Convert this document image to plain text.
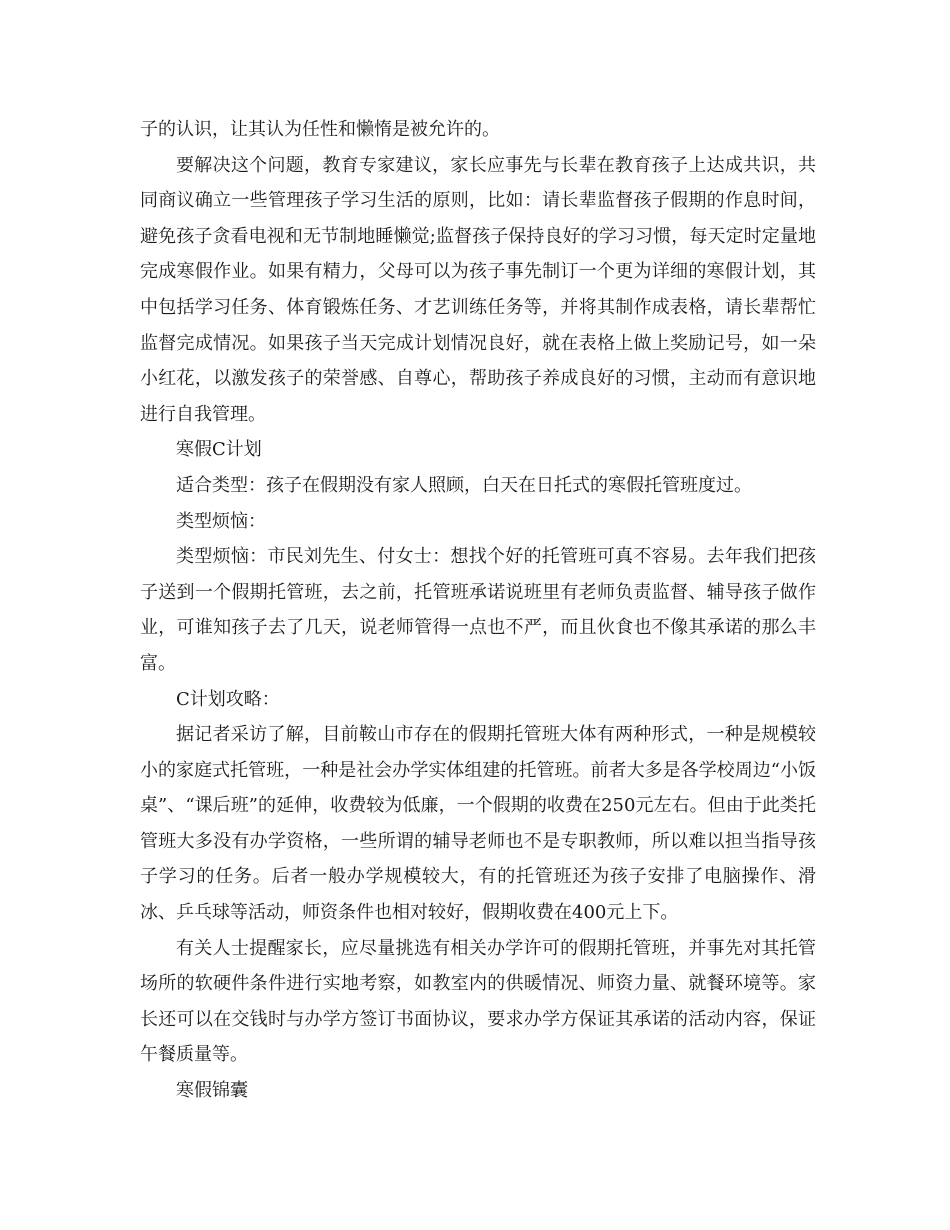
子的认识，让其认为任性和懒惰是被允许的。

要解决这个问题，教育专家建议，家长应事先与长辈在教育孩子上达成共识，共同商议确立一些管理孩子学习生活的原则，比如：请长辈监督孩子假期的作息时间，避免孩子贪看电视和无节制地睡懒觉;监督孩子保持良好的学习习惯，每天定时定量地完成寒假作业。如果有精力，父母可以为孩子事先制订一个更为详细的寒假计划，其中包括学习任务、体育锻炼任务、才艺训练任务等，并将其制作成表格，请长辈帮忙监督完成情况。如果孩子当天完成计划情况良好，就在表格上做上奖励记号，如一朵小红花，以激发孩子的荣誉感、自尊心，帮助孩子养成良好的习惯，主动而有意识地进行自我管理。

寒假C计划

适合类型：孩子在假期没有家人照顾，白天在日托式的寒假托管班度过。

类型烦恼：

类型烦恼：市民刘先生、付女士：想找个好的托管班可真不容易。去年我们把孩子送到一个假期托管班，去之前，托管班承诺说班里有老师负责监督、辅导孩子做作业，可谁知孩子去了几天，说老师管得一点也不严，而且伙食也不像其承诺的那么丰富。

C计划攻略：

据记者采访了解，目前鞍山市存在的假期托管班大体有两种形式，一种是规模较小的家庭式托管班，一种是社会办学实体组建的托管班。前者大多是各学校周边“小饭桌”、“课后班”的延伸，收费较为低廉，一个假期的收费在250元左右。但由于此类托管班大多没有办学资格，一些所谓的辅导老师也不是专职教师，所以难以担当指导孩子学习的任务。后者一般办学规模较大，有的托管班还为孩子安排了电脑操作、滑冰、乒乓球等活动，师资条件也相对较好，假期收费在400元上下。

有关人士提醒家长，应尽量挑选有相关办学许可的假期托管班，并事先对其托管场所的软硬件条件进行实地考察，如教室内的供暖情况、师资力量、就餐环境等。家长还可以在交钱时与办学方签订书面协议，要求办学方保证其承诺的活动内容，保证午餐质量等。

寒假锦囊
